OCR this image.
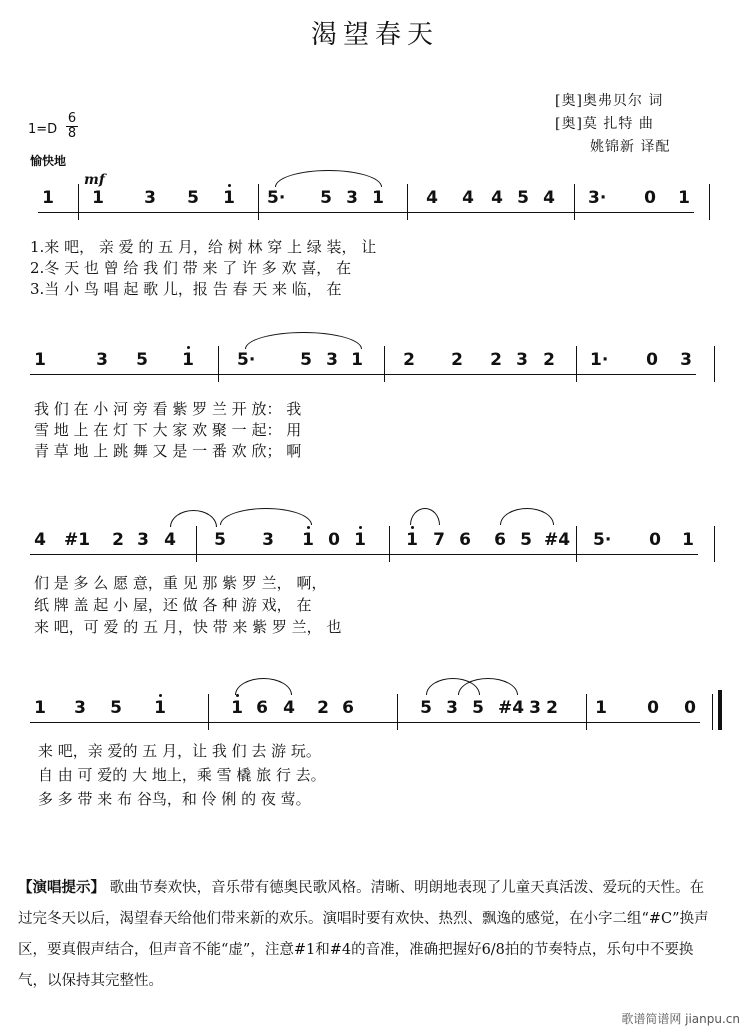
渴望春天
[奥]奥弗贝尔 词
[奥]莫 扎特 曲
姚锦新 译配
$1=D \frac{6}{8}$
愉快地
mf
1 1 3 5 1 5· 5 3 1 4 4 4 5 4 3· 0 1
1	3 5 1	5·	5 3 1 2 2 2 3 2 1· 0 3
4 #1 2 3 4 5 3 1 0 1 1 7 6 6 5 #4 5· 0 1
1 3 5 1	1 6 4 2 6	5 3 5 #4 3 2 1 0 0
1.来 吧， 亲 爱 的 五 月，给 树 林 穿 上 绿 装， 让
2.冬 天 也 曾 给 我 们 带 来 了 许 多 欢 喜， 在
3.当 小 鸟 唱 起 歌 儿，报 告 春 天 来 临， 在
我 们 在 小 河 旁 看 紫 罗 兰 开 放： 我
雪 地 上 在 灯 下 大 家 欢 聚 一 起： 用
青 草 地 上 跳 舞 又 是 一 番 欢 欣； 啊
们 是 多 么 愿 意，重 见 那 紫 罗 兰， 啊，
纸 牌 盖 起 小 屋，还 做 各 种 游 戏， 在
来 吧，可 爱 的 五 月，快 带 来 紫 罗 兰， 也
来 吧，亲 爱的 五 月，让 我 们 去 游 玩。
自 由 可 爱的 大 地上，乘 雪 橇 旅 行 去。
多 多 带 来 布 谷鸟，和 伶 俐 的 夜 莺。
【演唱提示】 歌曲节奏欢快，音乐带有德奥民歌风格。清晰、明朗地表现了儿童天真活泼、爱玩的天性。在过完冬天以后，渴望春天给他们带来新的欢乐。演唱时要有欢快、热烈、飘逸的感觉，在小字二组“#C”换声区，要真假声结合，但声音不能“虚”，注意#1和#4的音准，准确把握好6/8拍的节奏特点，乐句中不要换气，以保持其完整性。
歌谱简谱网 jianpu.cn
